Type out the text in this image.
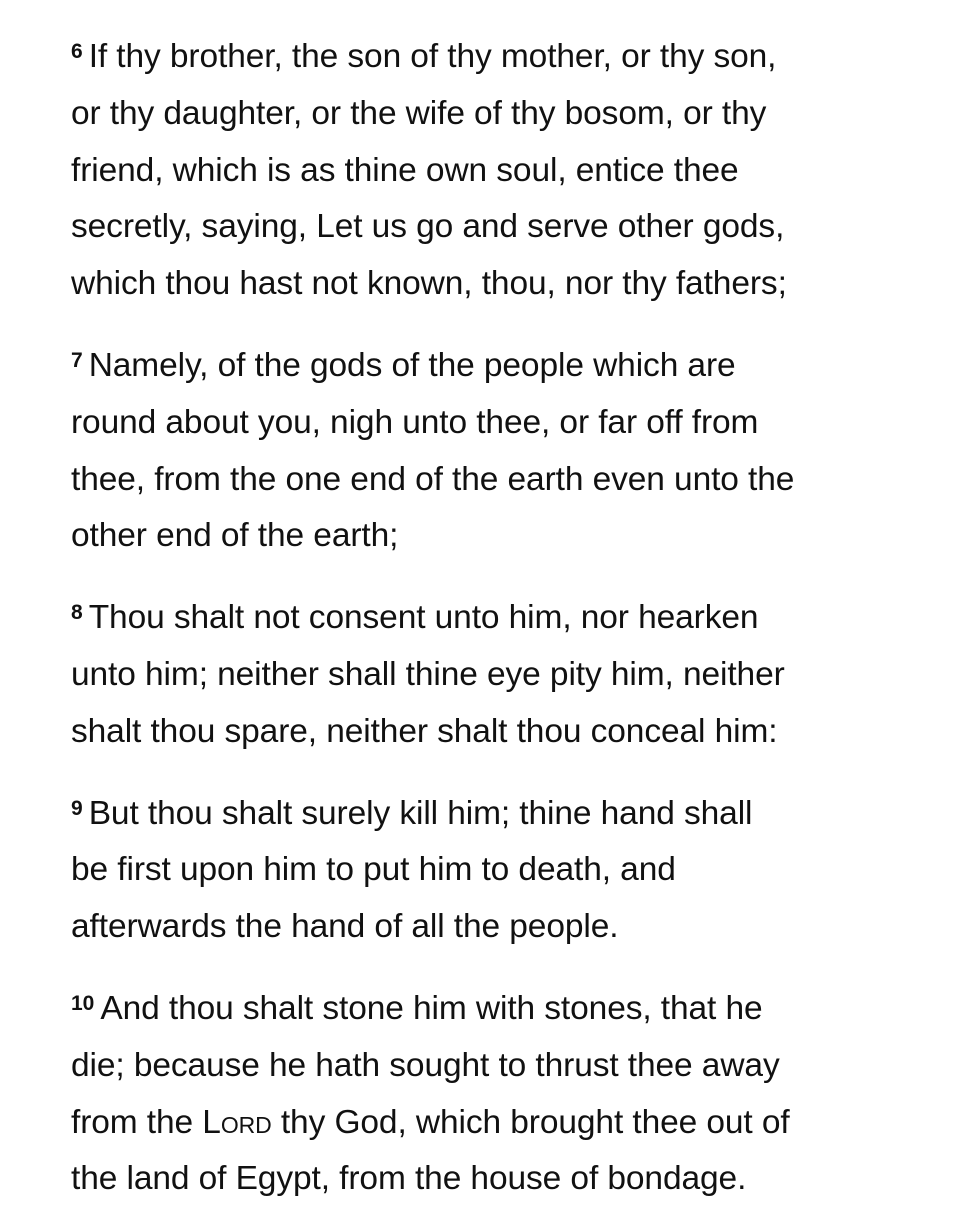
$^6$ If thy brother, the son of thy mother, or thy son,
or thy daughter, or the wife of thy bosom, or thy
friend, which is as thine own soul, entice thee
secretly, saying, Let us go and serve other gods,
which thou hast not known, thou, nor thy fathers;

$^7$ Namely, of the gods of the people which are
round about you, nigh unto thee, or far off from
thee, from the one end of the earth even unto the
other end of the earth;

$^8$ Thou shalt not consent unto him, nor hearken
unto him; neither shall thine eye pity him, neither
shalt thou spare, neither shalt thou conceal him:

$^9$ But thou shalt surely kill him; thine hand shall
be first upon him to put him to death, and
afterwards the hand of all the people.

$^{10}$ And thou shalt stone him with stones, that he
die; because he hath sought to thrust thee away
from the Lord thy God, which brought thee out of
the land of Egypt, from the house of bondage.
